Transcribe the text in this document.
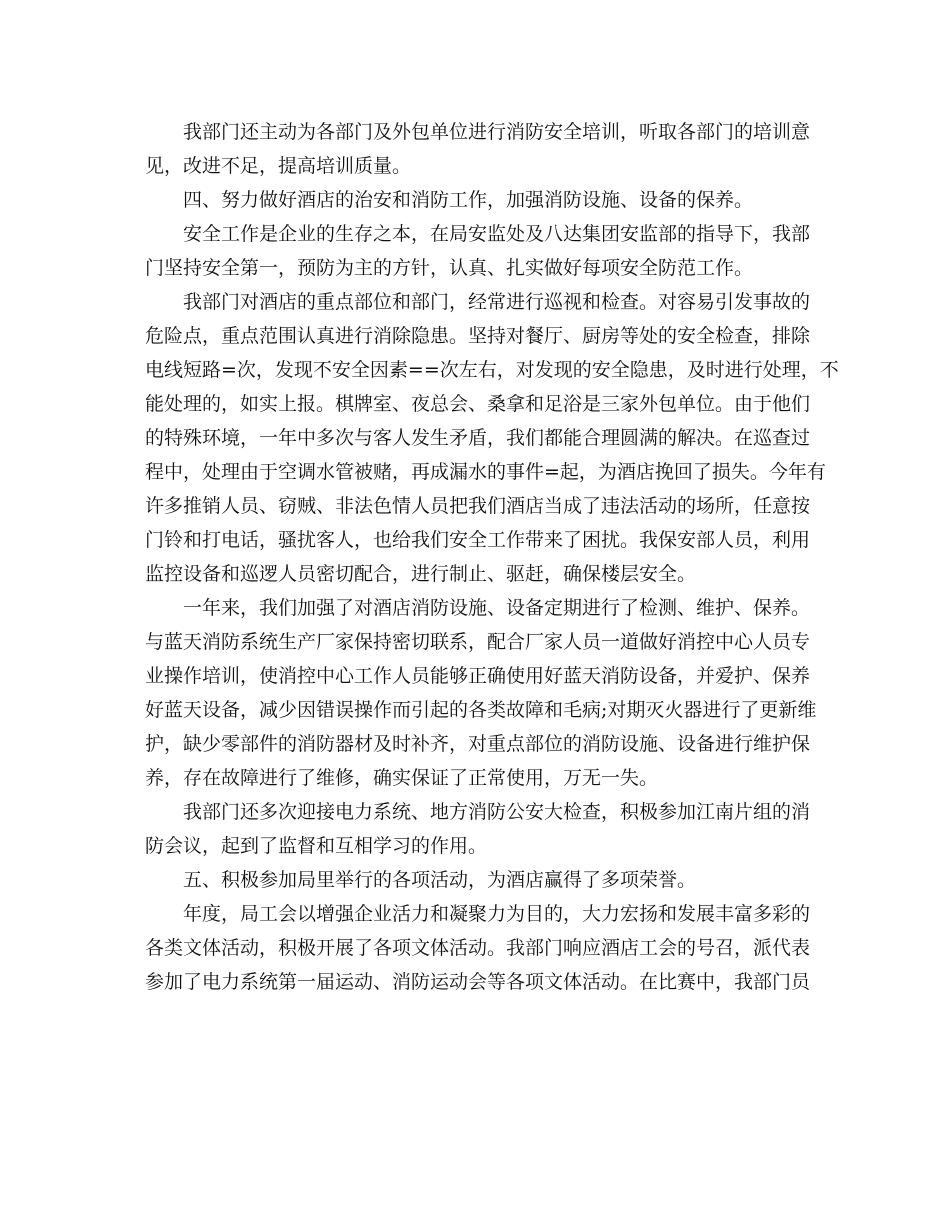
我部门还主动为各部门及外包单位进行消防安全培训，听取各部门的培训意
见，改进不足，提高培训质量。
四、努力做好酒店的治安和消防工作，加强消防设施、设备的保养。
安全工作是企业的生存之本，在局安监处及八达集团安监部的指导下，我部
门坚持安全第一，预防为主的方针，认真、扎实做好每项安全防范工作。
我部门对酒店的重点部位和部门，经常进行巡视和检查。对容易引发事故的
危险点，重点范围认真进行消除隐患。坚持对餐厅、厨房等处的安全检查，排除
电线短路=次，发现不安全因素==次左右，对发现的安全隐患，及时进行处理，不
能处理的，如实上报。棋牌室、夜总会、桑拿和足浴是三家外包单位。由于他们
的特殊环境，一年中多次与客人发生矛盾，我们都能合理圆满的解决。在巡查过
程中，处理由于空调水管被赌，再成漏水的事件=起，为酒店挽回了损失。今年有
许多推销人员、窃贼、非法色情人员把我们酒店当成了违法活动的场所，任意按
门铃和打电话，骚扰客人，也给我们安全工作带来了困扰。我保安部人员，利用
监控设备和巡逻人员密切配合，进行制止、驱赶，确保楼层安全。
一年来，我们加强了对酒店消防设施、设备定期进行了检测、维护、保养。
与蓝天消防系统生产厂家保持密切联系，配合厂家人员一道做好消控中心人员专
业操作培训，使消控中心工作人员能够正确使用好蓝天消防设备，并爱护、保养
好蓝天设备，减少因错误操作而引起的各类故障和毛病;对期灭火器进行了更新维
护，缺少零部件的消防器材及时补齐，对重点部位的消防设施、设备进行维护保
养，存在故障进行了维修，确实保证了正常使用，万无一失。
我部门还多次迎接电力系统、地方消防公安大检查，积极参加江南片组的消
防会议，起到了监督和互相学习的作用。
五、积极参加局里举行的各项活动，为酒店赢得了多项荣誉。
年度，局工会以增强企业活力和凝聚力为目的，大力宏扬和发展丰富多彩的
各类文体活动，积极开展了各项文体活动。我部门响应酒店工会的号召，派代表
参加了电力系统第一届运动、消防运动会等各项文体活动。在比赛中，我部门员
